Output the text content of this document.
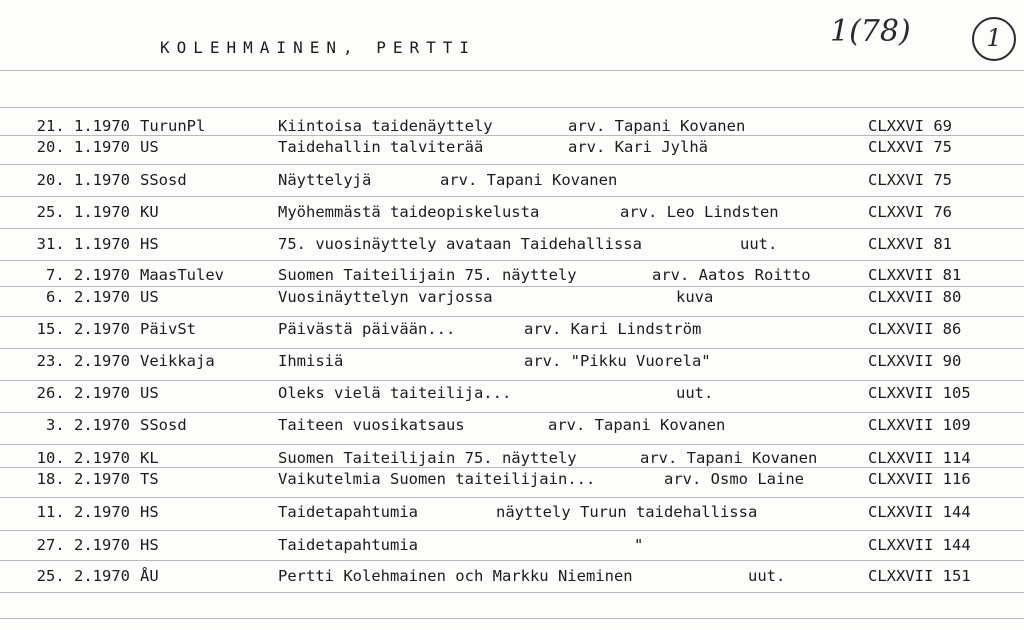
KOLEHMAINEN, PERTTI	1(78)	1
21. 1.1970 TurunPl	Kiintoisa taidenäyttely	arv. Tapani Kovanen	CLXXVI 69
20. 1.1970 US	Taidehallin talviterää	arv. Kari Jylhä	CLXXVI 75
20. 1.1970 SSosd	Näyttelyjä	arv. Tapani Kovanen	CLXXVI 75
25. 1.1970 KU	Myöhemmästä taideopiskelusta	arv. Leo Lindsten	CLXXVI 76
31. 1.1970 HS	75. vuosinäyttely avataan Taidehallissa	uut.	CLXXVI 81
7. 2.1970 MaasTulev	Suomen Taiteilijain 75. näyttely	arv. Aatos Roitto	CLXXVII 81
6. 2.1970 US	Vuosinäyttelyn varjossa	kuva	CLXXVII 80
15. 2.1970 PäivSt	Päivästä päivään...	arv. Kari Lindström	CLXXVII 86
23. 2.1970 Veikkaja	Ihmisiä	arv. "Pikku Vuorela"	CLXXVII 90
26. 2.1970 US	Oleks vielä taiteilija...	uut.	CLXXVII 105
3. 2.1970 SSosd	Taiteen vuosikatsaus	arv. Tapani Kovanen	CLXXVII 109
10. 2.1970 KL	Suomen Taiteilijain 75. näyttely	arv. Tapani Kovanen	CLXXVII 114
18. 2.1970 TS	Vaikutelmia Suomen taiteilijain...	arv. Osmo Laine	CLXXVII 116
11. 2.1970 HS	Taidetapahtumia	näyttely Turun taidehallissa	CLXXVII 144
27. 2.1970 HS	Taidetapahtumia	"	CLXXVII 144
25. 2.1970 ÅU	Pertti Kolehmainen och Markku Nieminen	uut.	CLXXVII 151
